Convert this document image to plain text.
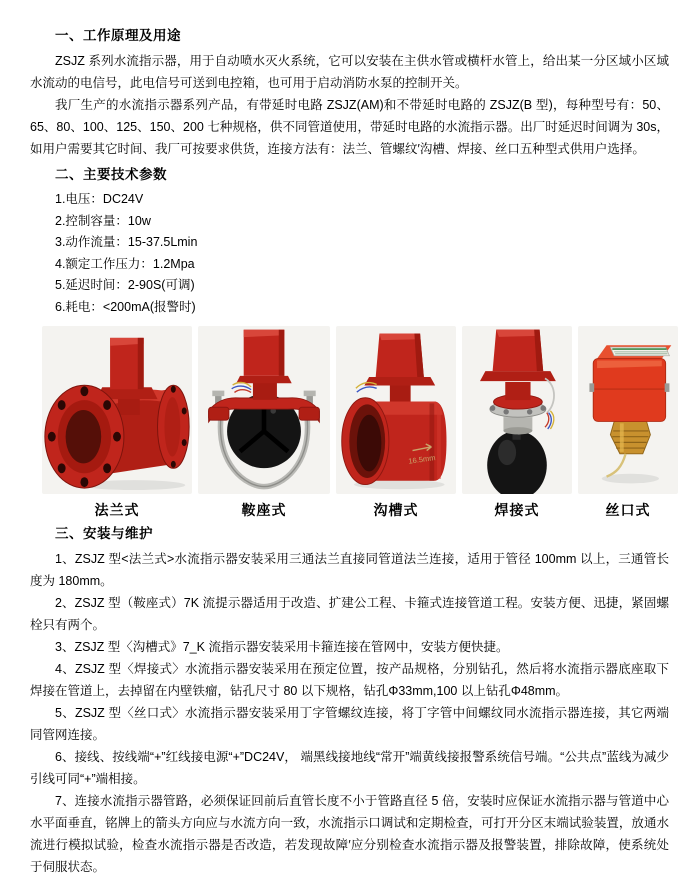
一、工作原理及用途

ZSJZ 系列水流指示器，用于自动喷水灭火系统，它可以安装在主供水管或横杆水管上，给出某一分区域小区域水流动的电信号，此电信号可送到电控箱，也可用于启动消防水泵的控制开关。

我厂生产的水流指示器系列产品，有带延时电路 ZSJZ(AM)和不带延时电路的 ZSJZ(B 型)，每种型号有：50、65、80、100、125、150、200 七种规格，供不同管道使用，带延时电路的水流指示器。出厂时延迟时间调为 30s，如用户需要其它时间、我厂可按要求供货，连接方法有：法兰、管螺纹′沟槽、焊接、丝口五种型式供用户选择。

二、主要技术参数
1.电压：DC24V
2.控制容量：10w
3.动作流量：15-37.5Lmin
4.额定工作压力：1.2Mpa
5.延迟时间：2-90S(可调)
6.耗电：<200mA(报警时)
法兰式	鞍座式
16.5mm
沟槽式	焊接式	丝口式
三、安装与维护

1、ZSJZ 型<法兰式>水流指示器安装采用三通法兰直接同管道法兰连接，适用于管径 100mm 以上，三通管长度为 180mm。

2、ZSJZ 型（鞍座式）7K 流提示器适用于改造、扩建公工程、卡箍式连接管道工程。安装方便、迅捷，紧固螺栓只有两个。

3、ZSJZ 型〈沟槽式》7_K 流指示器安装采用卡箍连接在管网中，安装方便快捷。

4、ZSJZ 型〈焊接式〉水流指示器安装采用在预定位置，按产品规格，分别钻孔，然后将水流指示器底座取下焊接在管道上，去掉留在内壁铁瘤，钻孔尺寸 80 以下规格，钻孔Φ33mm,100 以上钻孔Φ48mm。

5、ZSJZ 型〈丝口式〉水流指示器安装采用丁字管螺纹连接，将丁字管中间螺纹同水流指示器连接，其它两端同管网连接。

6、接线、按线端“+”红线接电源“+”DC24V， 端黑线接地线“常开”端黄线接报警系统信号端。“公共点”蓝线为减少引线可同“+”端相接。

7、连接水流指示器管路，必须保证回前后直管长度不小于管路直径 5 倍，安装时应保证水流指示器与管道中心水平面垂直，铭牌上的箭头方向应与水流方向一致，水流指示口调试和定期检查，可打开分区末端试验装置，放通水流进行模拟试验，检查水流指示器是否改造，若发现故障′应分别检查水流指示器及报警装置，排除故障，使系统处于伺服状态。
